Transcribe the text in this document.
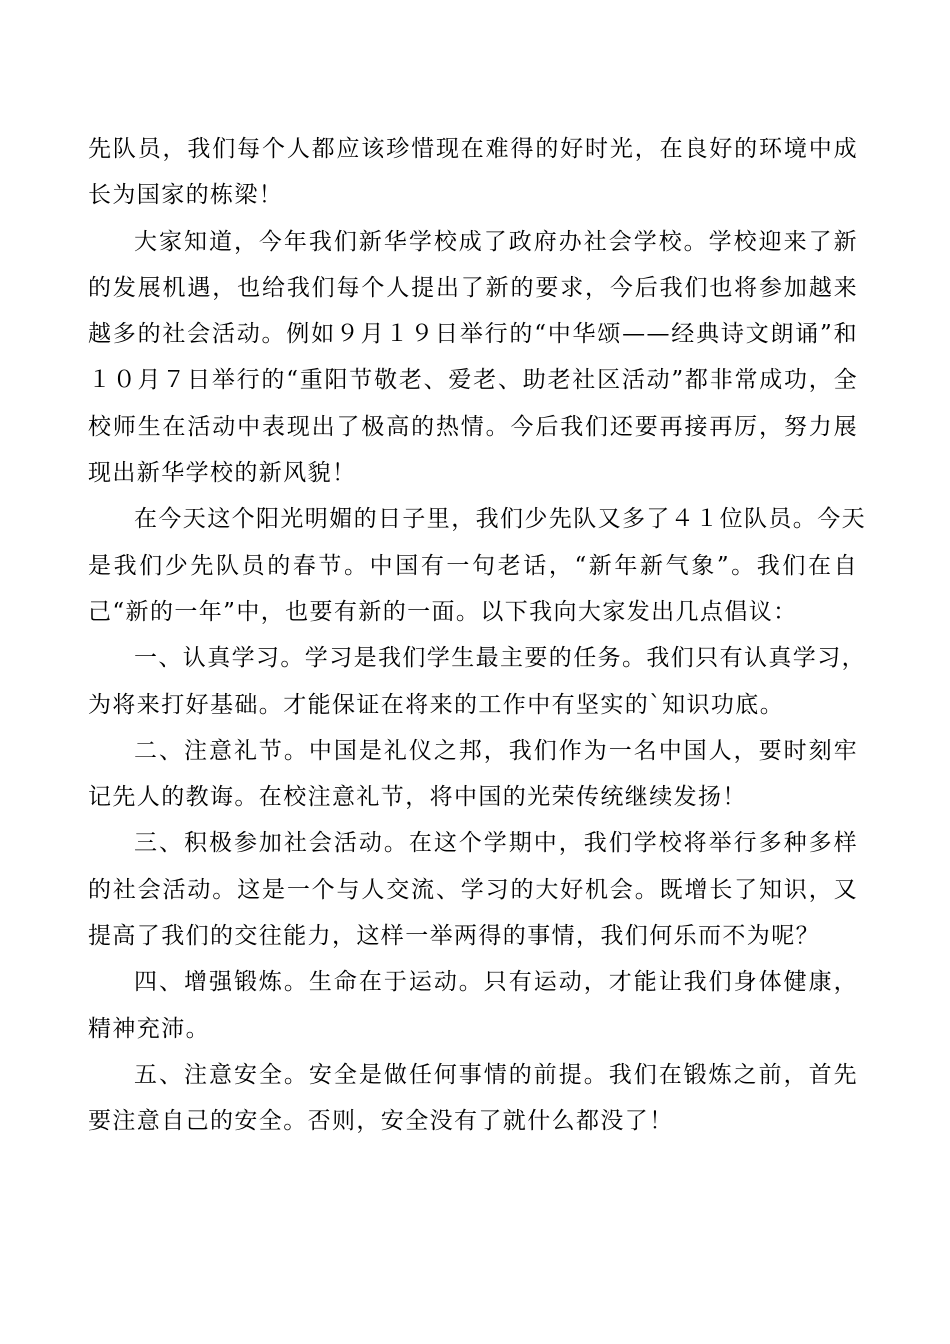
先队员，我们每个人都应该珍惜现在难得的好时光，在良好的环境中成
长为国家的栋梁！

大家知道，今年我们新华学校成了政府办社会学校。学校迎来了新
的发展机遇，也给我们每个人提出了新的要求，今后我们也将参加越来
越多的社会活动。例如９月１９日举行的“中华颂——经典诗文朗诵”和
１０月７日举行的“重阳节敬老、爱老、助老社区活动”都非常成功，全
校师生在活动中表现出了极高的热情。今后我们还要再接再厉，努力展
现出新华学校的新风貌！

在今天这个阳光明媚的日子里，我们少先队又多了４１位队员。今天
是我们少先队员的春节。中国有一句老话，“新年新气象”。我们在自
己“新的一年”中，也要有新的一面。以下我向大家发出几点倡议：

一、认真学习。学习是我们学生最主要的任务。我们只有认真学习，
为将来打好基础。才能保证在将来的工作中有坚实的`知识功底。

二、注意礼节。中国是礼仪之邦，我们作为一名中国人，要时刻牢
记先人的教诲。在校注意礼节，将中国的光荣传统继续发扬！

三、积极参加社会活动。在这个学期中，我们学校将举行多种多样
的社会活动。这是一个与人交流、学习的大好机会。既增长了知识，又
提高了我们的交往能力，这样一举两得的事情，我们何乐而不为呢？

四、增强锻炼。生命在于运动。只有运动，才能让我们身体健康，
精神充沛。

五、注意安全。安全是做任何事情的前提。我们在锻炼之前，首先
要注意自己的安全。否则，安全没有了就什么都没了！
